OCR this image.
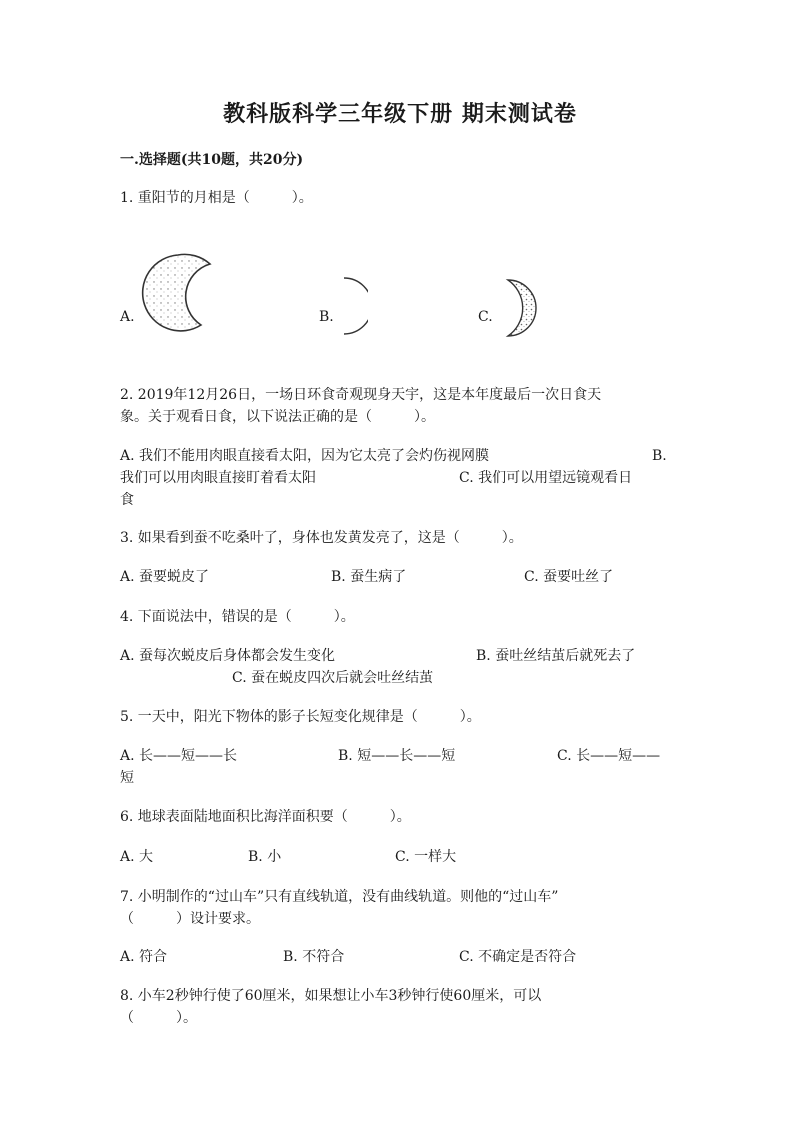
教科版科学三年级下册 期末测试卷
一.选择题(共10题，共20分)
1. 重阳节的月相是（　　　）。
A.	B.	C.
2. 2019年12月26日，一场日环食奇观现身天宇，这是本年度最后一次日食天
象。关于观看日食，以下说法正确的是（　　　）。
A. 我们不能用肉眼直接看太阳，因为它太亮了会灼伤视网膜	B.
我们可以用肉眼直接盯着看太阳	C. 我们可以用望远镜观看日
食
3. 如果看到蚕不吃桑叶了，身体也发黄发亮了，这是（　　　）。
A. 蚕要蜕皮了	B. 蚕生病了	C. 蚕要吐丝了
4. 下面说法中，错误的是（　　　）。
A. 蚕每次蜕皮后身体都会发生变化	B. 蚕吐丝结茧后就死去了
C. 蚕在蜕皮四次后就会吐丝结茧
5. 一天中，阳光下物体的影子长短变化规律是（　　　）。
A. 长——短——长	B. 短——长——短	C. 长——短——
短
6. 地球表面陆地面积比海洋面积要（　　　）。
A. 大	B. 小	C. 一样大
7. 小明制作的“过山车”只有直线轨道，没有曲线轨道。则他的“过山车”
（　　　）设计要求。
A. 符合	B. 不符合	C. 不确定是否符合
8. 小车2秒钟行使了60厘米，如果想让小车3秒钟行使60厘米，可以
（　　　）。
